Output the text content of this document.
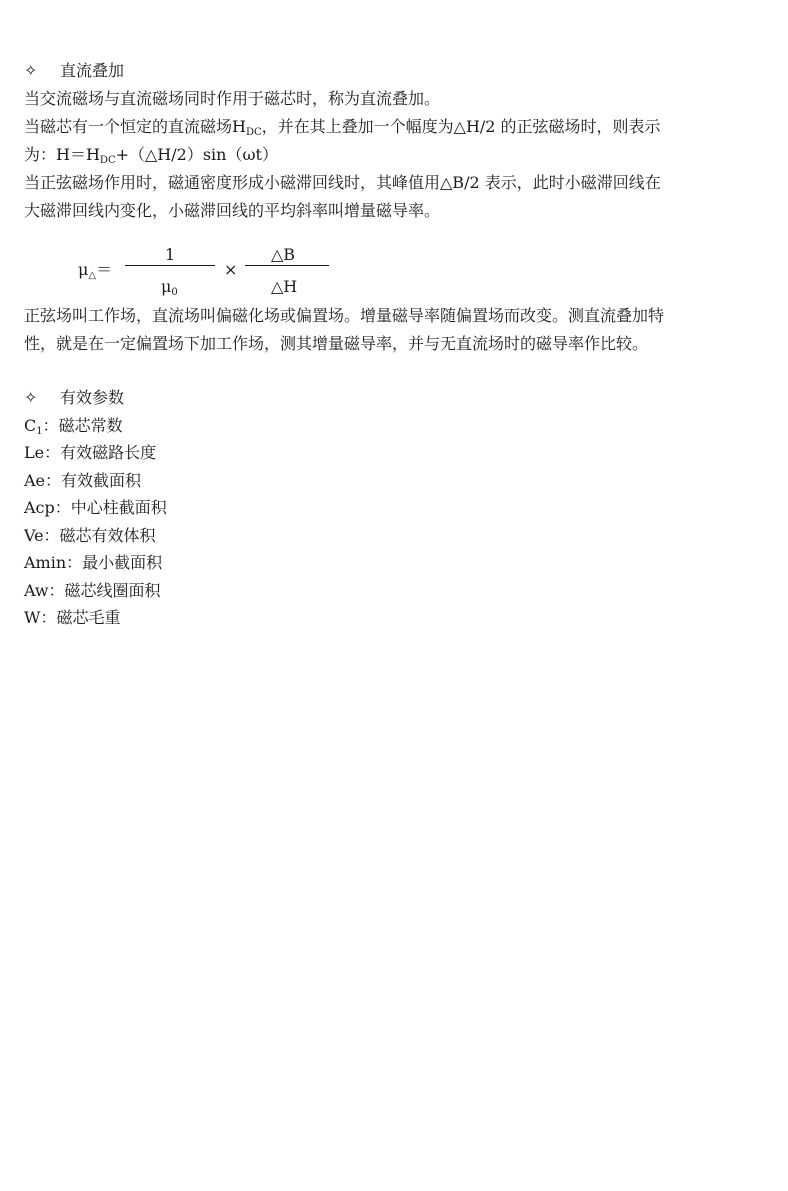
✧ 直流叠加
当交流磁场与直流磁场同时作用于磁芯时，称为直流叠加。
当磁芯有一个恒定的直流磁场$H_{DC}$，并在其上叠加一个幅度为△H/2 的正弦磁场时，则表示
为：$H=H_{DC}+(\triangle H/2)\sin(\omega t)$
当正弦磁场作用时，磁通密度形成小磁滞回线时，其峰值用△B/2 表示，此时小磁滞回线在
大磁滞回线内变化，小磁滞回线的平均斜率叫增量磁导率。
$\mu_\triangle=$
1
$\mu_0$
×
△B
△H
正弦场叫工作场，直流场叫偏磁化场或偏置场。增量磁导率随偏置场而改变。测直流叠加特
性，就是在一定偏置场下加工作场，测其增量磁导率，并与无直流场时的磁导率作比较。
✧ 有效参数
$C_1$：磁芯常数
Le：有效磁路长度
Ae：有效截面积
Acp：中心柱截面积
Ve：磁芯有效体积
Amin：最小截面积
Aw：磁芯线圈面积
W：磁芯毛重
